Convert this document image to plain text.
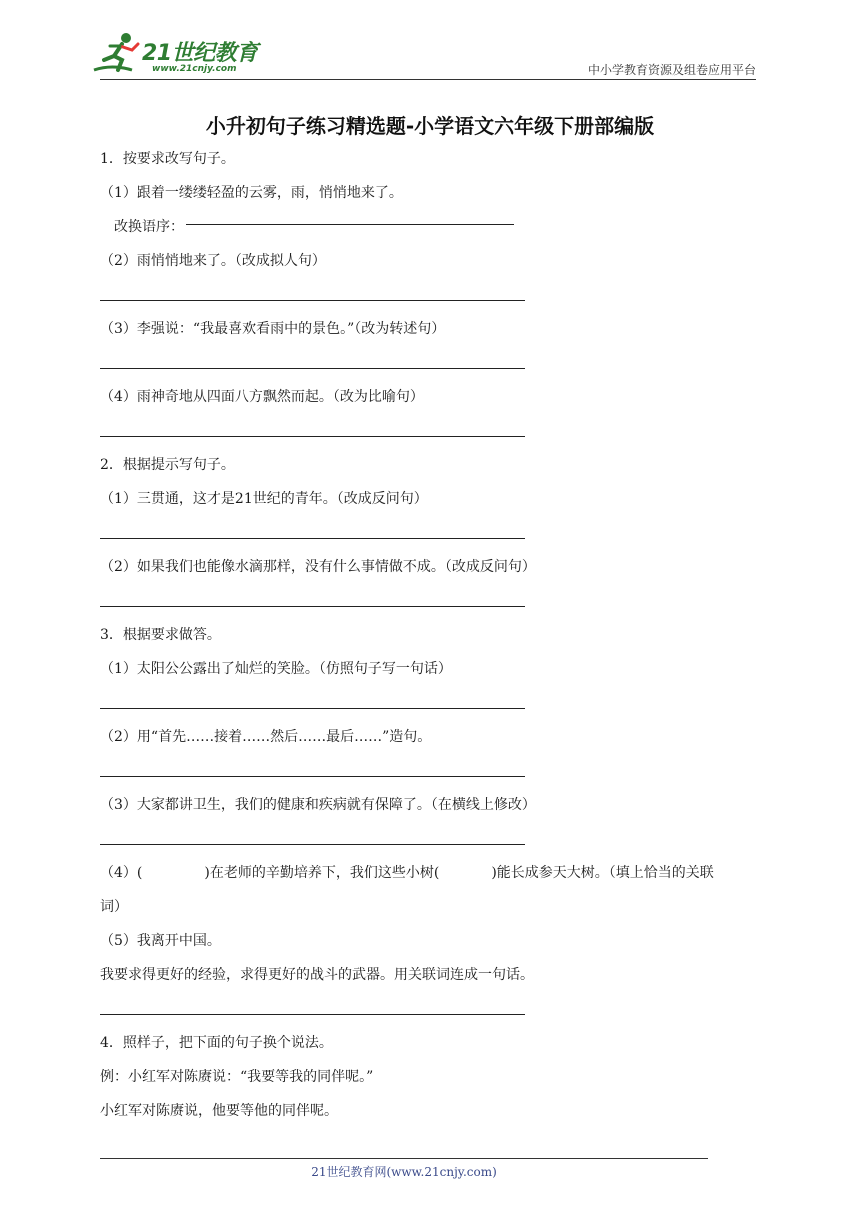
21世纪教育
www.21cnjy.com	中小学教育资源及组卷应用平台
小升初句子练习精选题-小学语文六年级下册部编版
1．按要求改写句子。
（1）跟着一缕缕轻盈的云雾，雨，悄悄地来了。
改换语序：
（2）雨悄悄地来了。（改成拟人句）
（3）李强说：“我最喜欢看雨中的景色。”（改为转述句）
（4）雨神奇地从四面八方飘然而起。（改为比喻句）
2．根据提示写句子。
（1）三贯通，这才是21世纪的青年。（改成反问句）
（2）如果我们也能像水滴那样，没有什么事情做不成。（改成反问句）
3．根据要求做答。
（1）太阳公公露出了灿烂的笑脸。（仿照句子写一句话）
（2）用“首先……接着……然后……最后……”造句。
（3）大家都讲卫生，我们的健康和疾病就有保障了。（在横线上修改）
（4）(	)在老师的辛勤培养下，我们这些小树(	)能长成参天大树。（填上恰当的关联
词）
（5）我离开中国。
我要求得更好的经验，求得更好的战斗的武器。用关联词连成一句话。
4．照样子，把下面的句子换个说法。
例：小红军对陈赓说：“我要等我的同伴呢。”
小红军对陈赓说，他要等他的同伴呢。
21世纪教育网(www.21cnjy.com)
